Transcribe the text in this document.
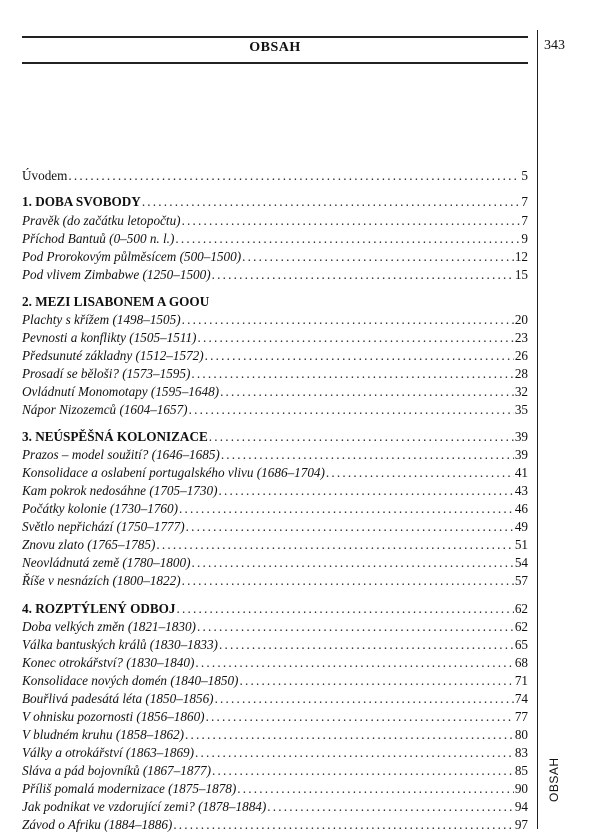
OBSAH	343
OBSAH
Úvodem .....	5
1. DOBA SVOBODY .....	7
Pravěk (do začátku letopočtu) .....	7
Příchod Bantuů (0–500 n. l.) .....	9
Pod Prorokovým půlměsícem (500–1500) .....	12
Pod vlivem Zimbabwe (1250–1500) .....	15
2. MEZI LISABONEM A GOOU
Plachty s křížem (1498–1505) .....	20
Pevnosti a konflikty (1505–1511) .....	23
Předsunuté základny (1512–1572) .....	26
Prosadí se běloši? (1573–1595) .....	28
Ovládnutí Monomotapy (1595–1648) .....	32
Nápor Nizozemců (1604–1657) .....	35
3. NEÚSPĚŠNÁ KOLONIZACE .....	39
Prazos – model soužití? (1646–1685) .....	39
Konsolidace a oslabení portugalského vlivu (1686–1704) .....	41
Kam pokrok nedosáhne (1705–1730) .....	43
Počátky kolonie (1730–1760) .....	46
Světlo nepřichází (1750–1777) .....	49
Znovu zlato (1765–1785) .....	51
Neovládnutá země (1780–1800) .....	54
Říše v nesnázích (1800–1822) .....	57
4. ROZPTÝLENÝ ODBOJ .....	62
Doba velkých změn (1821–1830) .....	62
Válka bantuských králů (1830–1833) .....	65
Konec otrokářství? (1830–1840) .....	68
Konsolidace nových domén (1840–1850) .....	71
Bouřlivá padesátá léta (1850–1856) .....	74
V ohnisku pozornosti (1856–1860) .....	77
V bludném kruhu (1858–1862) .....	80
Války a otrokářství (1863–1869) .....	83
Sláva a pád bojovníků (1867–1877) .....	85
Příliš pomalá modernizace (1875–1878) .....	90
Jak podnikat ve vzdorující zemi? (1878–1884) .....	94
Závod o Afriku (1884–1886) .....	97
